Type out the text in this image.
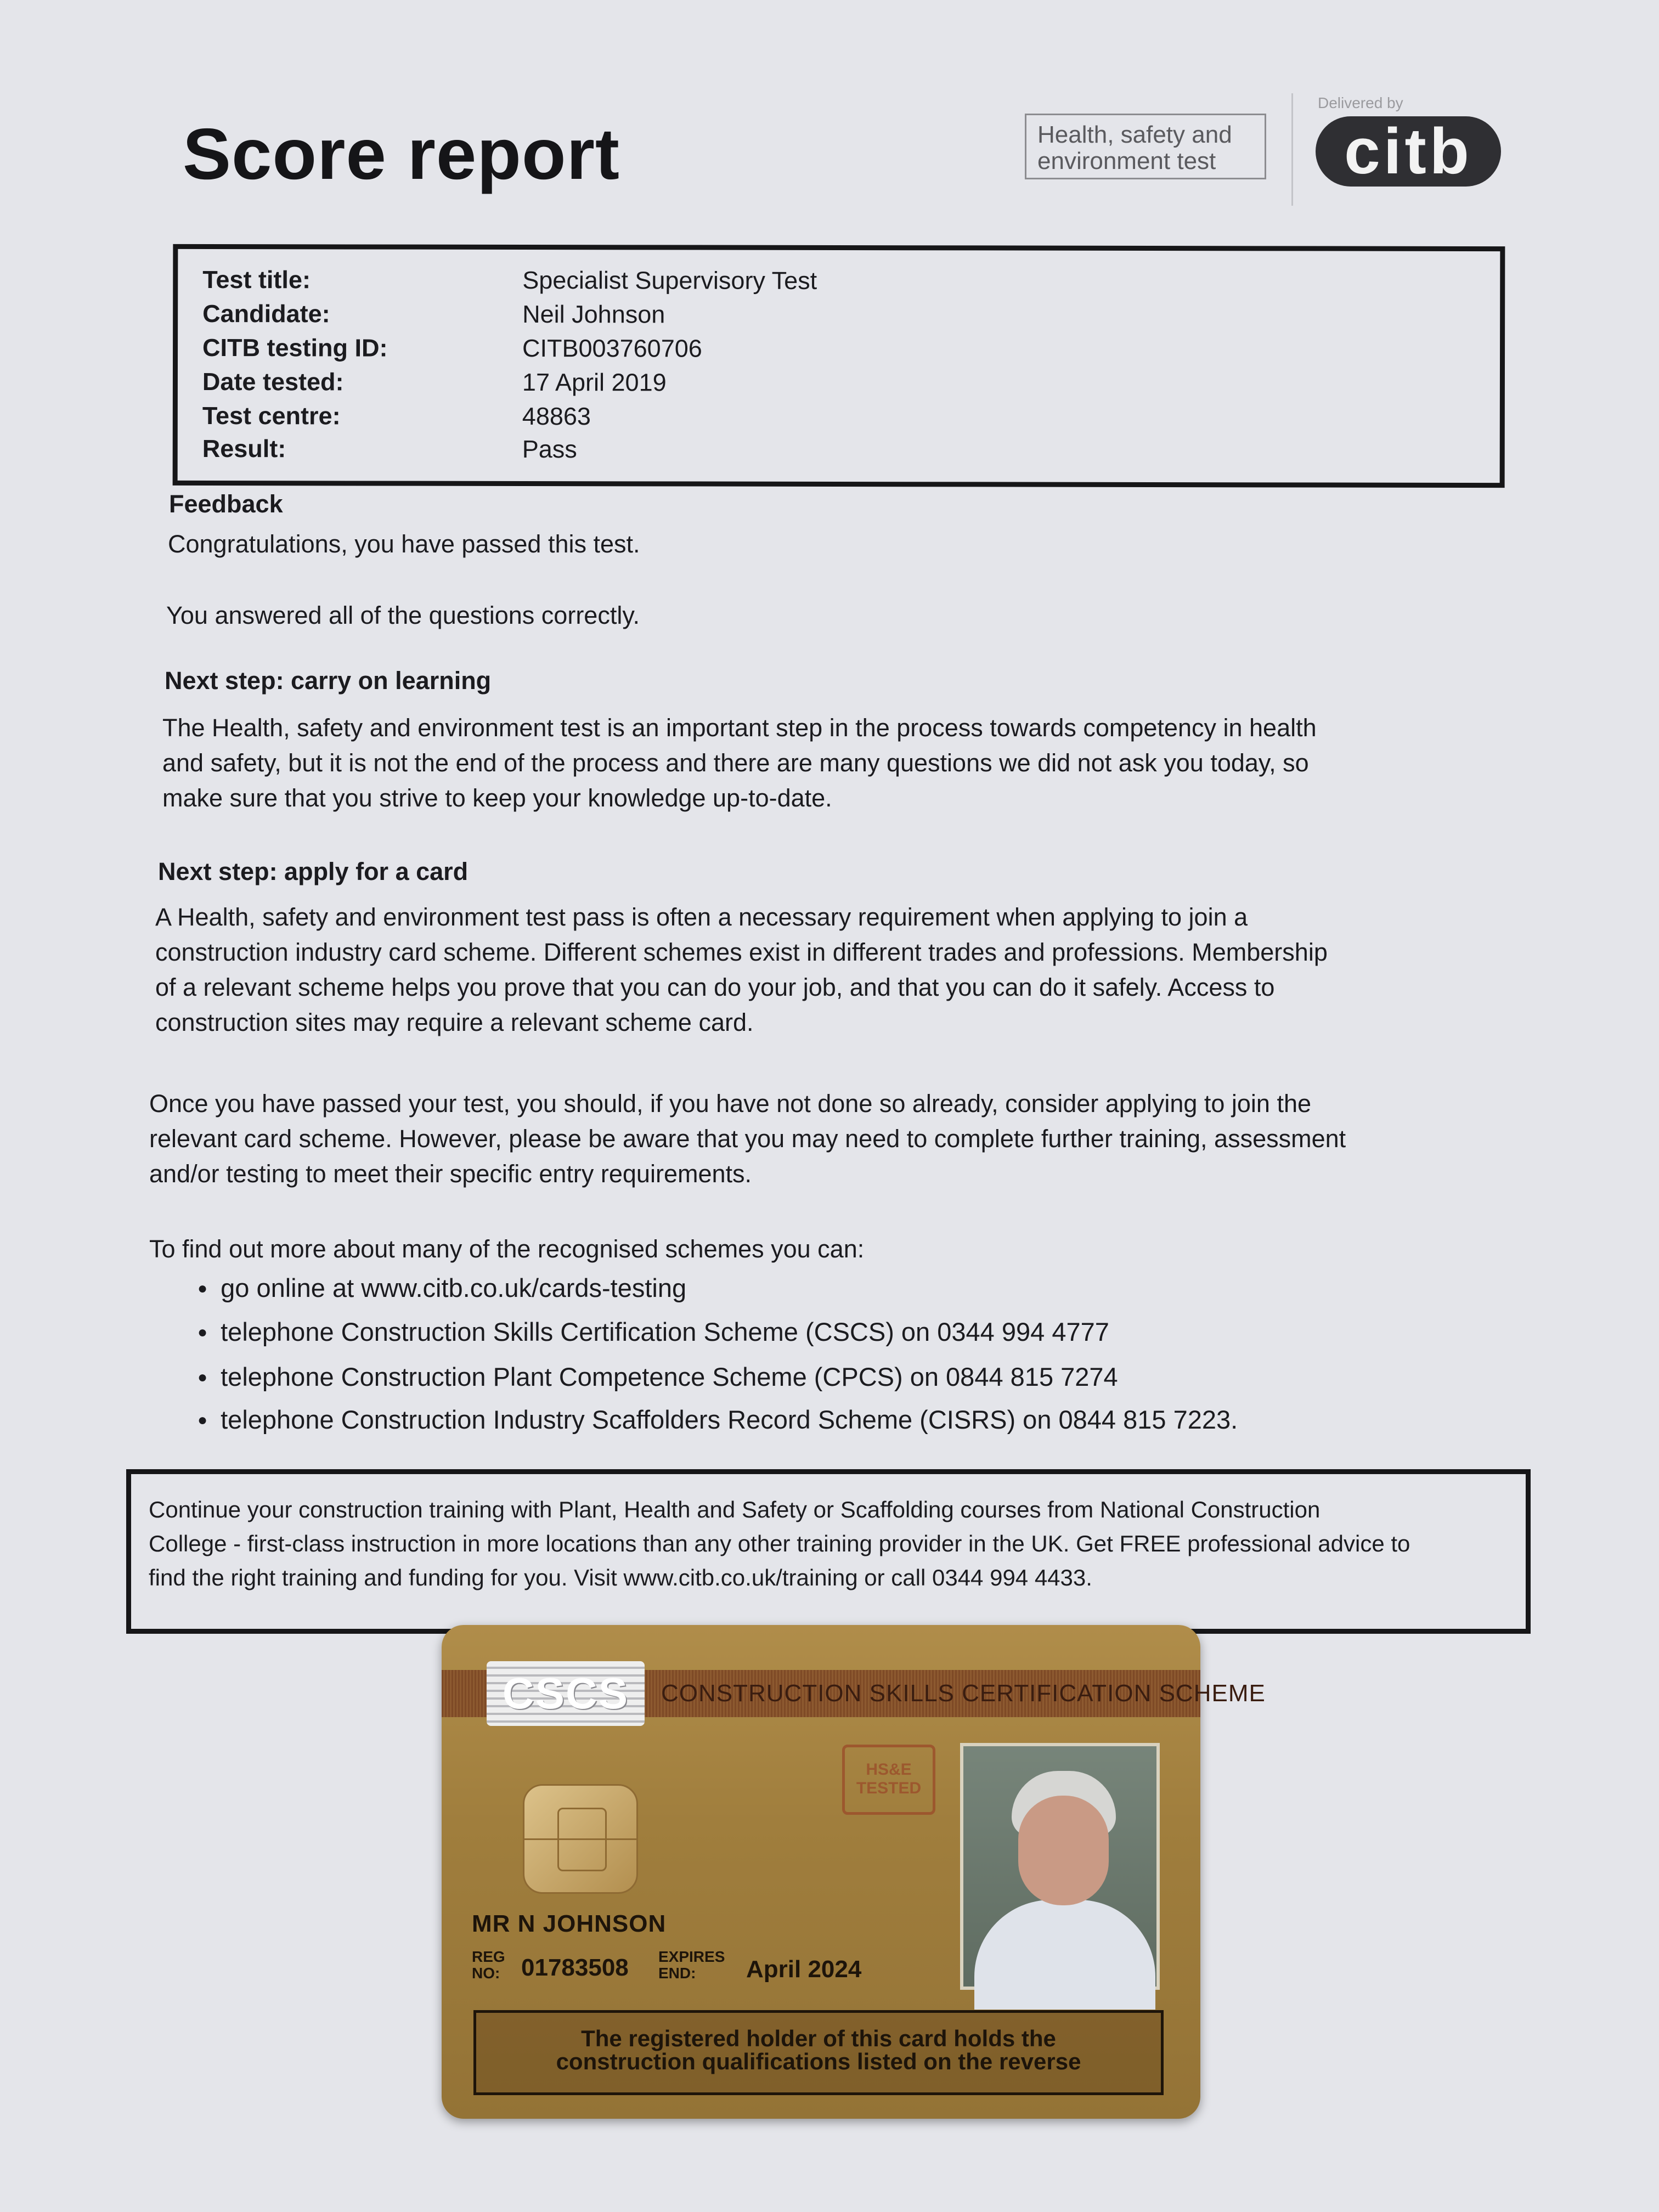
Score report	Health, safety and
environment test
Delivered by
citb
Test title:	Specialist Supervisory Test
Candidate:	Neil Johnson
CITB testing ID:	CITB003760706
Date tested:	17 April 2019
Test centre:	48863
Result:	Pass
Feedback
Congratulations, you have passed this test.
You answered all of the questions correctly.
Next step: carry on learning
The Health, safety and environment test is an important step in the process towards competency in health
and safety, but it is not the end of the process and there are many questions we did not ask you today, so
make sure that you strive to keep your knowledge up-to-date.
Next step: apply for a card
A Health, safety and environment test pass is often a necessary requirement when applying to join a
construction industry card scheme. Different schemes exist in different trades and professions. Membership
of a relevant scheme helps you prove that you can do your job, and that you can do it safely. Access to
construction sites may require a relevant scheme card.
Once you have passed your test, you should, if you have not done so already, consider applying to join the
relevant card scheme. However, please be aware that you may need to complete further training, assessment
and/or testing to meet their specific entry requirements.
To find out more about many of the recognised schemes you can:
● go online at www.citb.co.uk/cards-testing
● telephone Construction Skills Certification Scheme (CSCS) on 0344 994 4777
● telephone Construction Plant Competence Scheme (CPCS) on 0844 815 7274
● telephone Construction Industry Scaffolders Record Scheme (CISRS) on 0844 815 7223.
Continue your construction training with Plant, Health and Safety or Scaffolding courses from National Construction
College - first-class instruction in more locations than any other training provider in the UK. Get FREE professional advice to
find the right training and funding for you. Visit www.citb.co.uk/training or call 0344 994 4433.
CSCS	CONSTRUCTION SKILLS CERTIFICATION SCHEME
HS&E
TESTED
MR N JOHNSON
REG
NO: 01783508 EXPIRES
END:	April 2024
The registered holder of this card holds the
construction qualifications listed on the reverse
